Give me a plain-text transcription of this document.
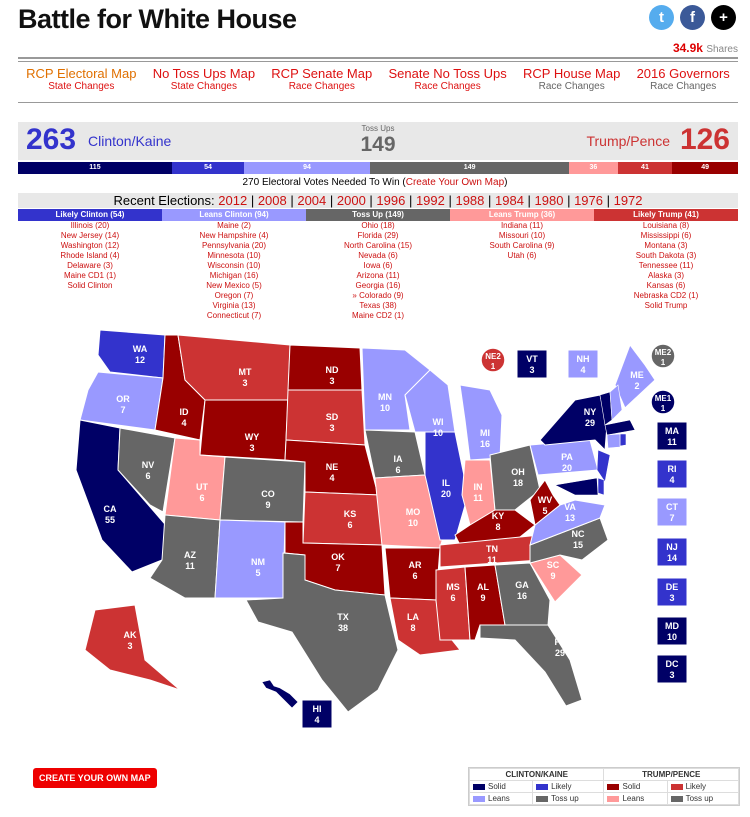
Battle for White House	t	f	+
34.9k Shares
RCP Electoral Map
State Changes
No Toss Ups Map
State Changes
RCP Senate Map
Race Changes
Senate No Toss Ups
Race Changes
RCP House Map
Race Changes
2016 Governors
Race Changes
263 Clinton/Kaine
Toss Ups
149	Trump/Pence 126
115	54	94	149	36	41	49
270 Electoral Votes Needed To Win (Create Your Own Map)
Recent Elections: 2012 | 2008 | 2004 | 2000 | 1996 | 1992 | 1988 | 1984 | 1980 | 1976 | 1972
Likely Clinton (54)
Illinois (20)
New Jersey (14)
Washington (12)
Rhode Island (4)
Delaware (3)
Maine CD1 (1)
Solid Clinton
Leans Clinton (94)
Maine (2)
New Hampshire (4)
Pennsylvania (20)
Minnesota (10)
Wisconsin (10)
Michigan (16)
New Mexico (5)
Oregon (7)
Virginia (13)
Connecticut (7)
Toss Up (149)
Ohio (18)
Florida (29)
North Carolina (15)
Nevada (6)
Iowa (6)
Arizona (11)
Georgia (16)
» Colorado (9)
Texas (38)
Maine CD2 (1)
Leans Trump (36)
Indiana (11)
Missouri (10)
South Carolina (9)
Utah (6)
Likely Trump (41)
Louisiana (8)
Mississippi (6)
Montana (3)
South Dakota (3)
Tennessee (11)
Alaska (3)
Kansas (6)
Nebraska CD2 (1)
Solid Trump
WA
12
OR
7
CA
55
NV
6
ID
4
MT
3
WY
3
UT
6
AZ
11
CO
9
NM
5
ND
3
SD
3
NE
4
KS
6
OK
7
TX
38
MN
10
IA
6
MO
10
AR
6
LA
8
WI
10
IL
20
MI
16
IN
11
OH
18
KY
8
TN
11
MS
6
AL
9
GA
16
FL
29
SC
9
NC
15
VA
13
WV
5
PA
20
NY
29
ME
2
AK
3
VT
3
NH
4
MA
11
RI
4
CT
7
NJ
14
DE
3
MD
10
DC
3
HI
4
NE2
1
ME2
1
ME1
1
CREATE YOUR OWN MAP	CLINTON/KAINE		TRUMP/PENCE	
Solid	Likely	Solid	Likely
Leans	Toss up	Leans	Toss up
